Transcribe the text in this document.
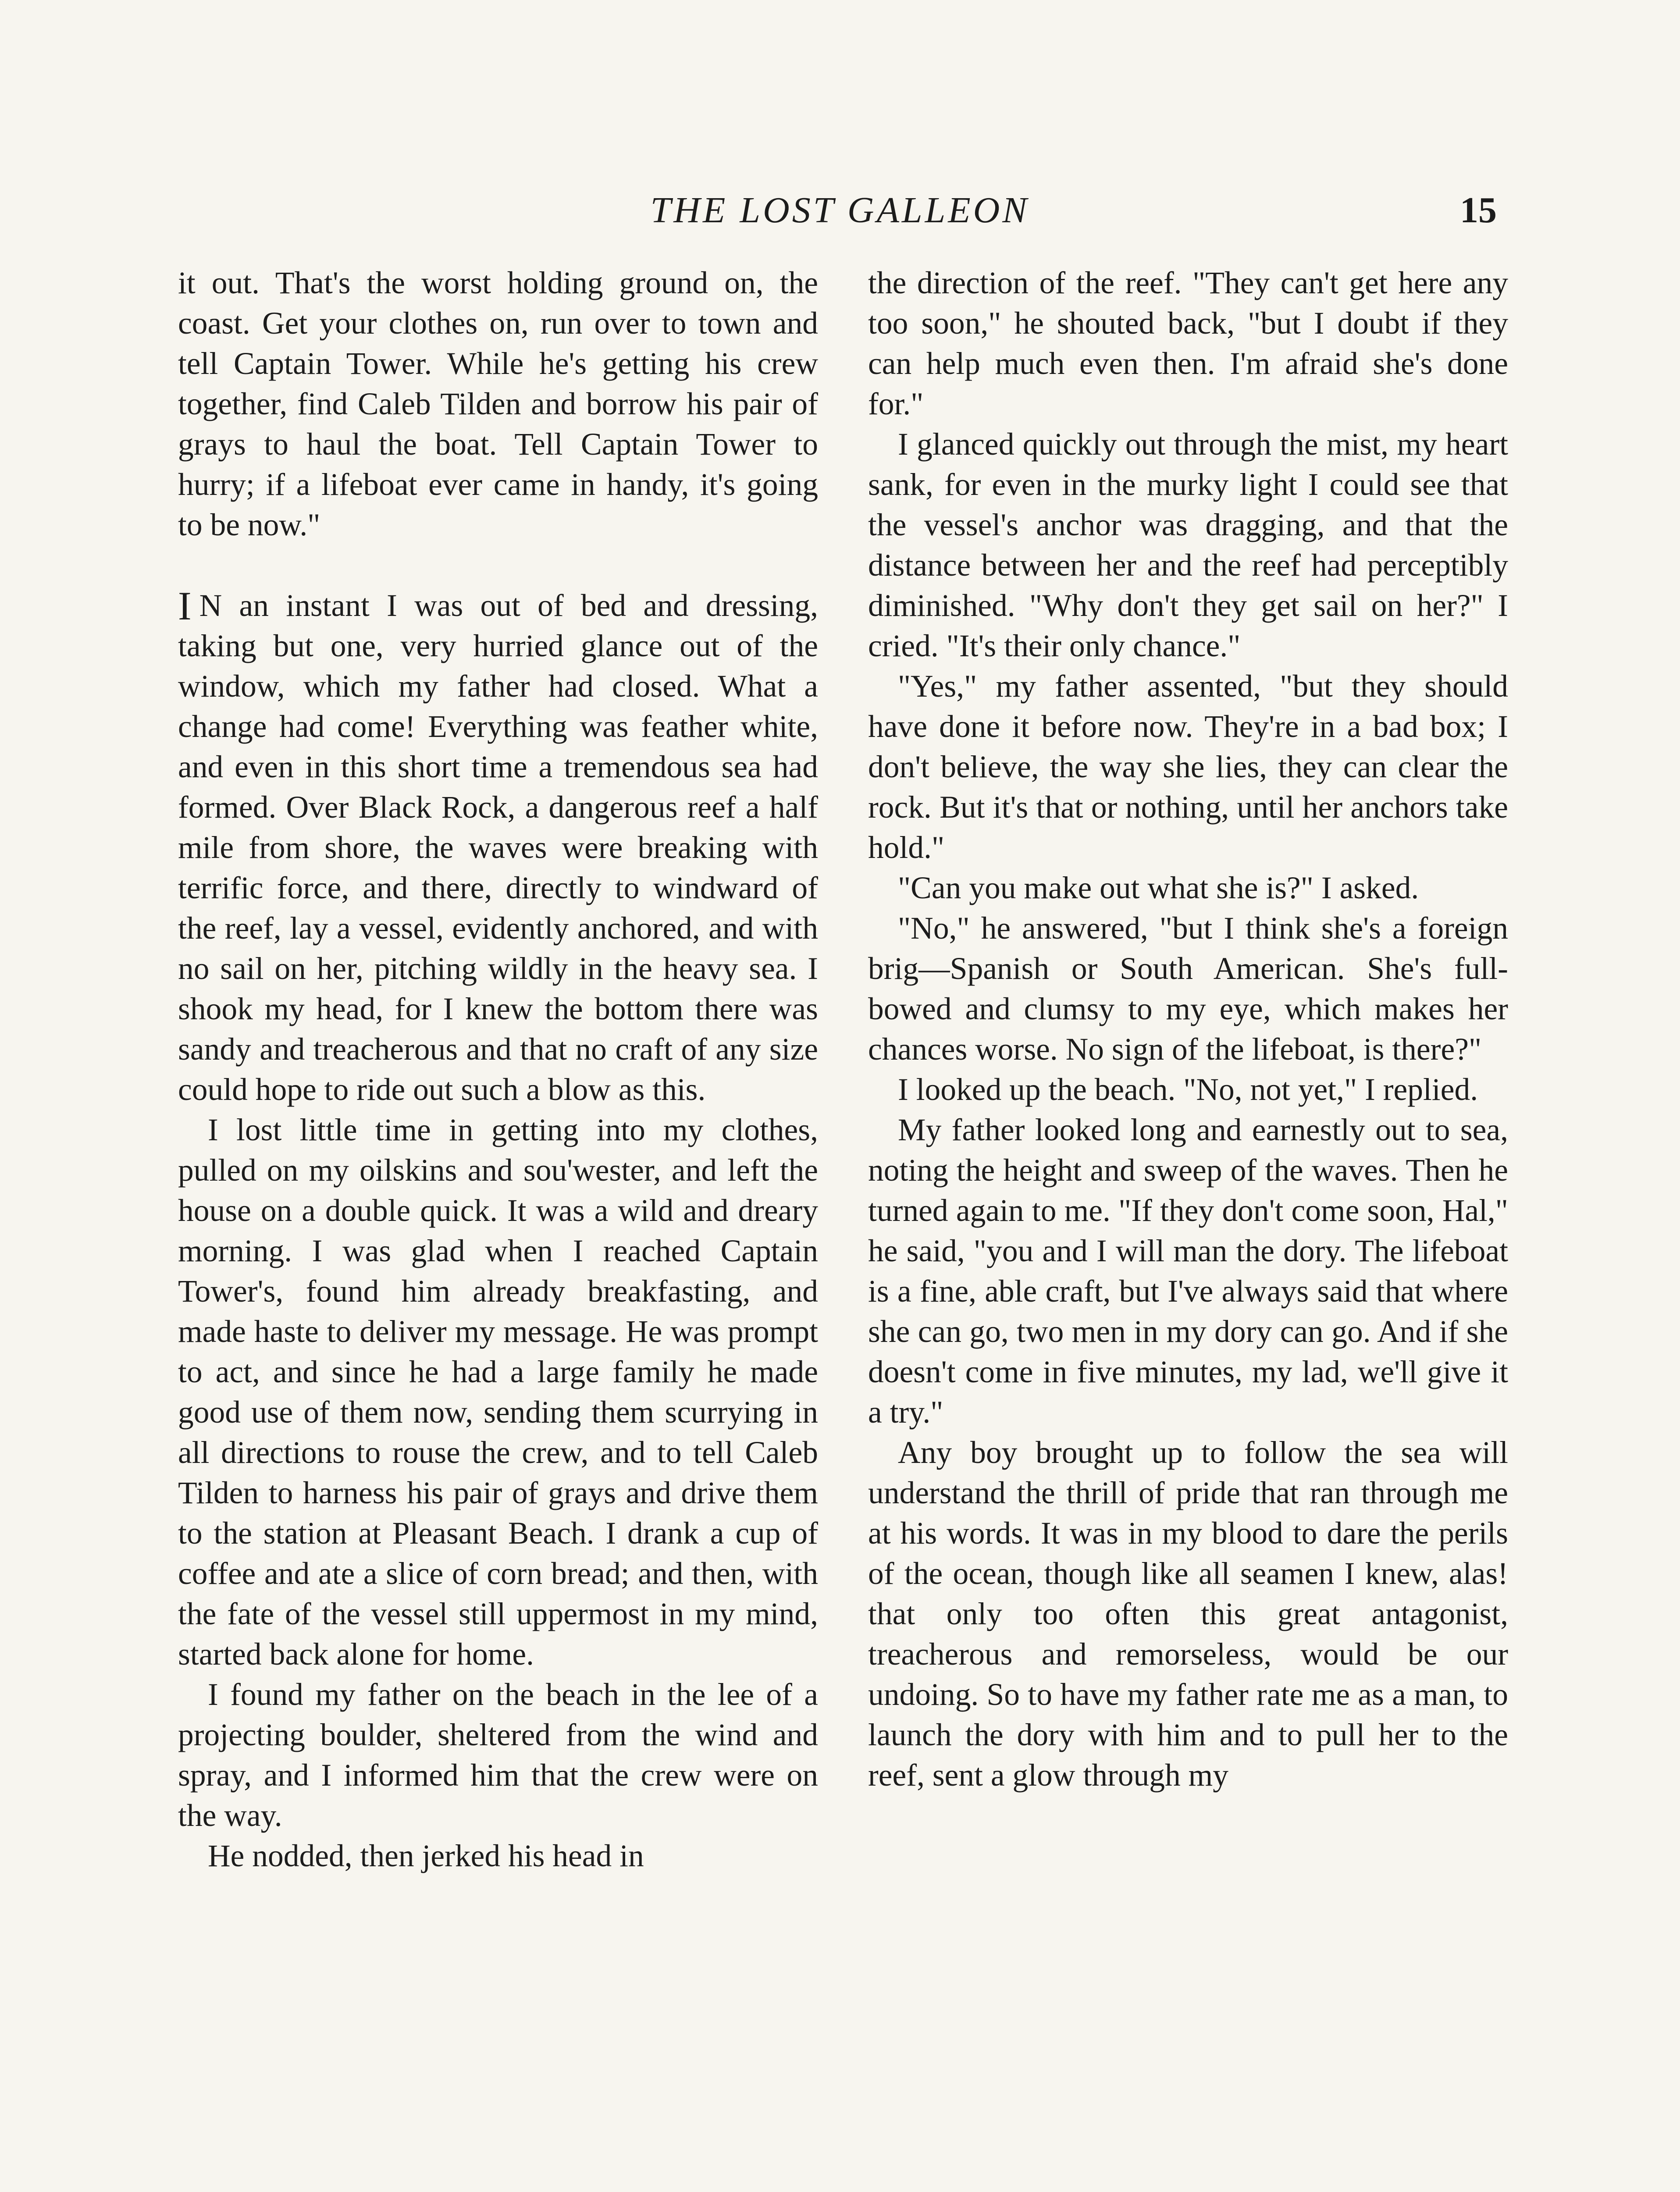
THE LOST GALLEON	15

it out. That's the worst holding ground on, the coast. Get your clothes on, run over to town and tell Captain Tower. While he's getting his crew together, find Caleb Tilden and borrow his pair of grays to haul the boat. Tell Captain Tower to hurry; if a lifeboat ever came in handy, it's going to be now."

I N an instant I was out of bed and dressing, taking but one, very hurried glance out of the window, which my father had closed. What a change had come! Everything was feather white, and even in this short time a tremendous sea had formed. Over Black Rock, a dangerous reef a half mile from shore, the waves were breaking with terrific force, and there, directly to windward of the reef, lay a vessel, evidently anchored, and with no sail on her, pitching wildly in the heavy sea. I shook my head, for I knew the bottom there was sandy and treacherous and that no craft of any size could hope to ride out such a blow as this.

I lost little time in getting into my clothes, pulled on my oilskins and sou'wester, and left the house on a double quick. It was a wild and dreary morning. I was glad when I reached Captain Tower's, found him already breakfasting, and made haste to deliver my message. He was prompt to act, and since he had a large family he made good use of them now, sending them scurrying in all directions to rouse the crew, and to tell Caleb Tilden to harness his pair of grays and drive them to the station at Pleasant Beach. I drank a cup of coffee and ate a slice of corn bread; and then, with the fate of the vessel still uppermost in my mind, started back alone for home.

I found my father on the beach in the lee of a projecting boulder, sheltered from the wind and spray, and I informed him that the crew were on the way.

He nodded, then jerked his head in

the direction of the reef. "They can't get here any too soon," he shouted back, "but I doubt if they can help much even then. I'm afraid she's done for."

I glanced quickly out through the mist, my heart sank, for even in the murky light I could see that the vessel's anchor was dragging, and that the distance between her and the reef had perceptibly diminished. "Why don't they get sail on her?" I cried. "It's their only chance."

"Yes," my father assented, "but they should have done it before now. They're in a bad box; I don't believe, the way she lies, they can clear the rock. But it's that or nothing, until her anchors take hold."

"Can you make out what she is?" I asked.

"No," he answered, "but I think she's a foreign brig—Spanish or South American. She's full-bowed and clumsy to my eye, which makes her chances worse. No sign of the lifeboat, is there?"

I looked up the beach. "No, not yet," I replied.

My father looked long and earnestly out to sea, noting the height and sweep of the waves. Then he turned again to me. "If they don't come soon, Hal," he said, "you and I will man the dory. The lifeboat is a fine, able craft, but I've always said that where she can go, two men in my dory can go. And if she doesn't come in five minutes, my lad, we'll give it a try."

Any boy brought up to follow the sea will understand the thrill of pride that ran through me at his words. It was in my blood to dare the perils of the ocean, though like all seamen I knew, alas! that only too often this great antagonist, treacherous and remorseless, would be our undoing. So to have my father rate me as a man, to launch the dory with him and to pull her to the reef, sent a glow through my
